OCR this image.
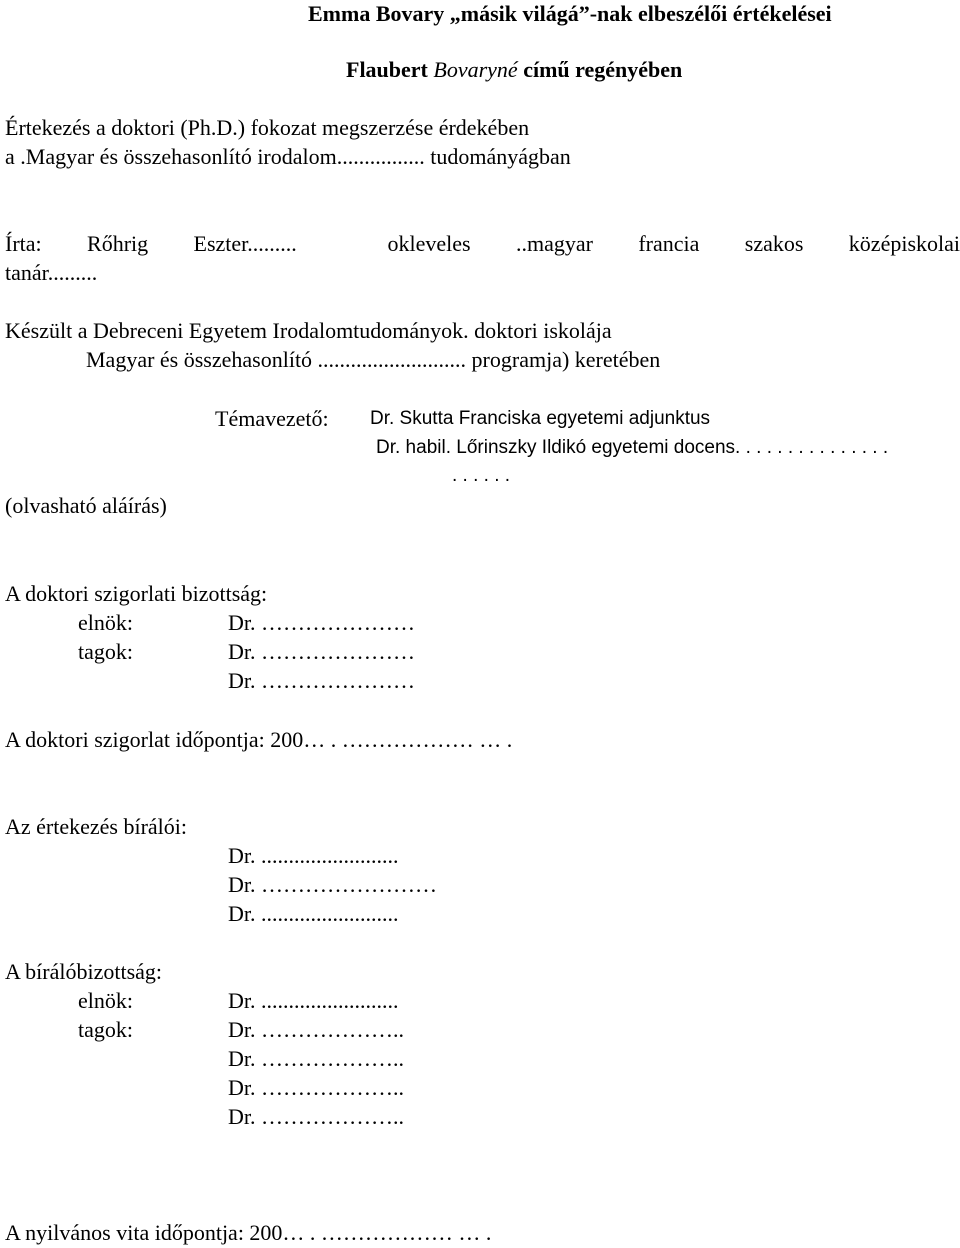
Emma Bovary „másik világá”-nak elbeszélői értékelései
Flaubert Bovaryné című regényében
Értekezés a doktori (Ph.D.) fokozat megszerzése érdekében
a .Magyar és összehasonlító irodalom................ tudományágban
Írta: Rőhrig Eszter.........  okleveles ..magyar francia szakos középiskolai
tanár.........
Készült a Debreceni Egyetem Irodalomtudományok. doktori iskolája
Magyar és összehasonlító ........................... programja) keretében
Témavezető: Dr. Skutta Franciska egyetemi adjunktus
Dr. habil. Lőrinszky Ildikó egyetemi docens. . . . . . . . . . . . . . .
. . . . . .
(olvasható aláírás)
A doktori szigorlati bizottság:
elnök:	Dr. …………………
tagok:	Dr. …………………
Dr. …………………
A doktori szigorlat időpontja: 200… . ……………… … .
Az értekezés bírálói:
Dr. .........................
Dr. ……………………
Dr. .........................
A bírálóbizottság:
elnök:	Dr. .........................
tagok:	Dr. ………………..
Dr. ………………..
Dr. ………………..
Dr. ………………..
A nyilvános vita időpontja: 200… . ……………… … .
